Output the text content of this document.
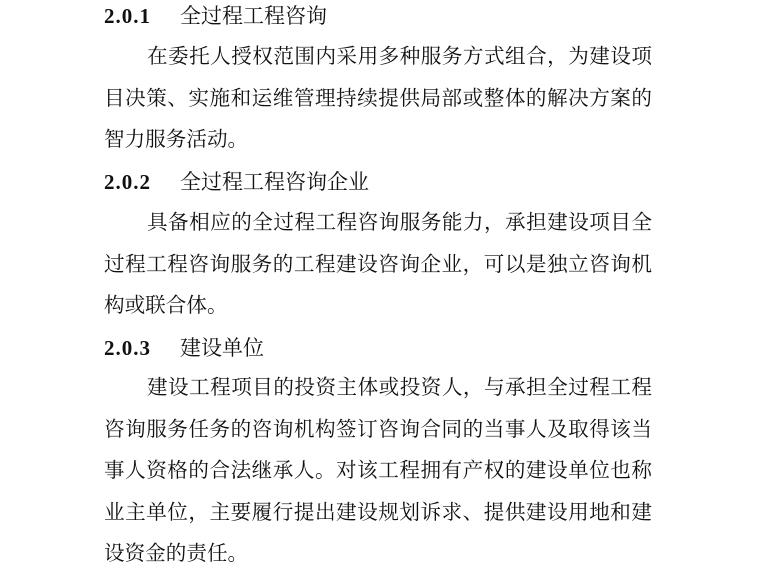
2.0.1 全过程工程咨询

在委托人授权范围内采用多种服务方式组合，为建设项目决策、实施和运维管理持续提供局部或整体的解决方案的智力服务活动。

2.0.2 全过程工程咨询企业

具备相应的全过程工程咨询服务能力，承担建设项目全过程工程咨询服务的工程建设咨询企业，可以是独立咨询机构或联合体。

2.0.3 建设单位

建设工程项目的投资主体或投资人，与承担全过程工程咨询服务任务的咨询机构签订咨询合同的当事人及取得该当事人资格的合法继承人。对该工程拥有产权的建设单位也称业主单位，主要履行提出建设规划诉求、提供建设用地和建设资金的责任。
